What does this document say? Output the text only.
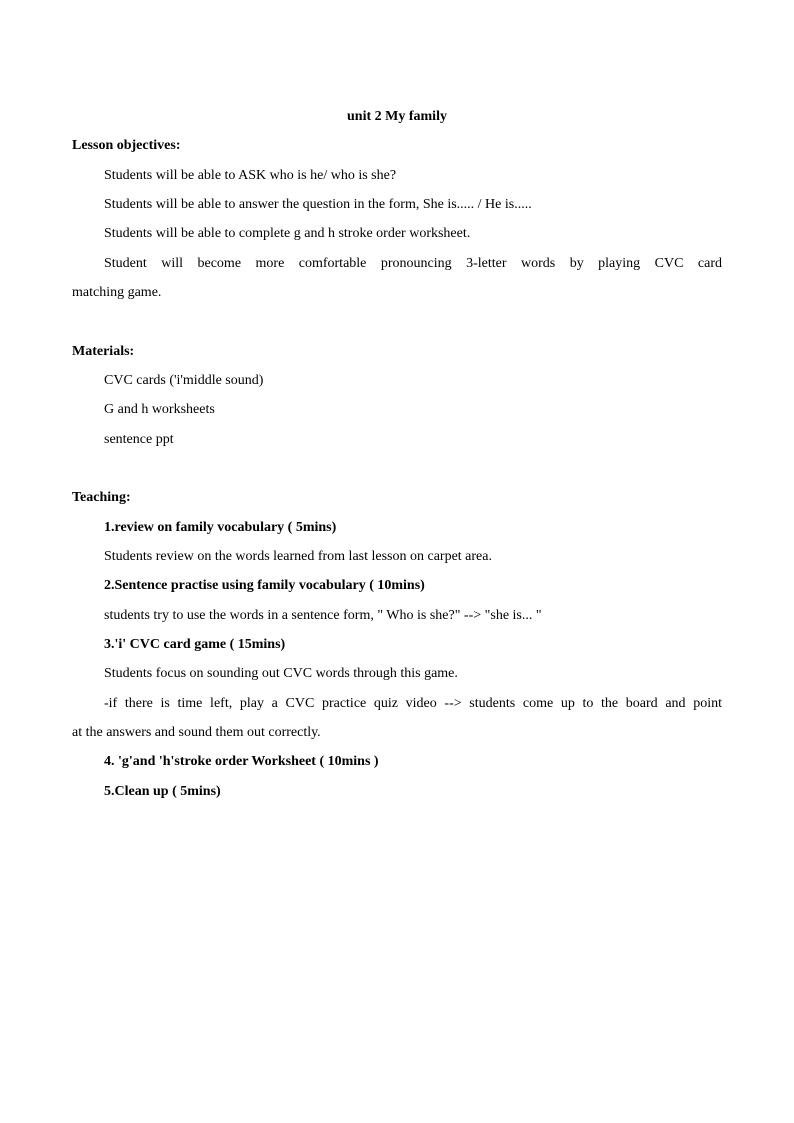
unit 2 My family
Lesson objectives:
Students will be able to ASK who is he/ who is she?
Students will be able to answer the question in the form, She is..... / He is.....
Students will be able to complete g and h stroke order worksheet.
Student will become more comfortable pronouncing 3-letter words by playing CVC card
matching game.
Materials:
CVC cards ('i'middle sound)
G and h worksheets
sentence ppt
Teaching:
1.review on family vocabulary ( 5mins)
Students review on the words learned from last lesson on carpet area.
2.Sentence practise using family vocabulary ( 10mins)
students try to use the words in a sentence form, " Who is she?" --> "she is... "
3.'i' CVC card game ( 15mins)
Students focus on sounding out CVC words through this game.
-if there is time left, play a CVC practice quiz video --> students come up to the board and point
at the answers and sound them out correctly.
4. 'g'and 'h'stroke order Worksheet ( 10mins )
5.Clean up ( 5mins)
